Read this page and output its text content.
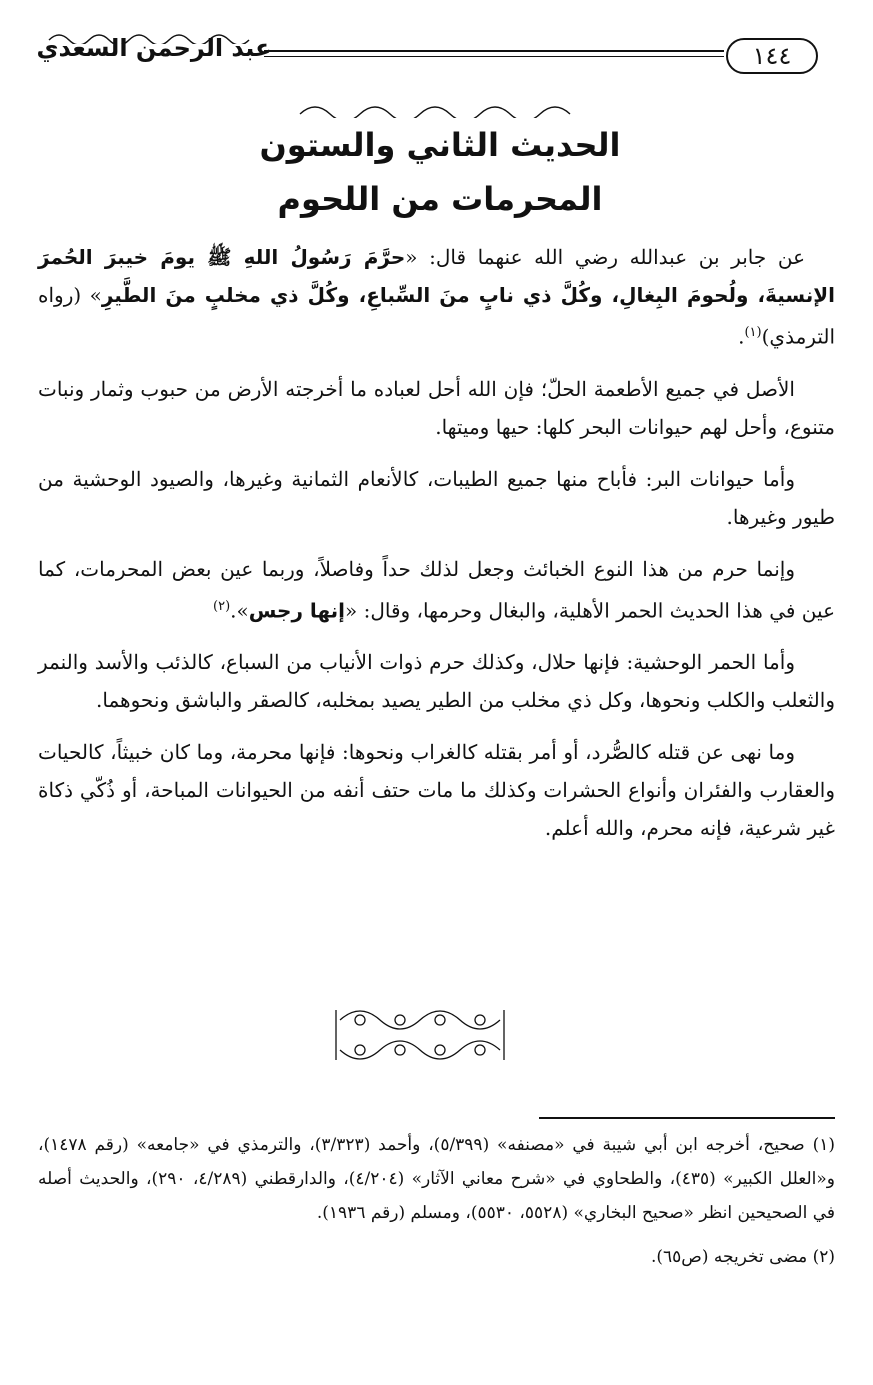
عبد الرحمن السعدي	١٤٤
الحديث الثاني والستون
المحرمات من اللحوم

عن جابر بن عبدالله رضي الله عنهما قال: «حرَّمَ رَسُولُ اللهِ ﷺ يومَ خيبرَ الحُمرَ الإنسيةَ، ولُحومَ البِغالِ، وكُلَّ ذي نابٍ منَ السِّباعِ، وكُلَّ ذي مخلبٍ منَ الطَّيرِ» (رواه الترمذي)$^{(١)}$.

الأصل في جميع الأطعمة الحلّ؛ فإن الله أحل لعباده ما أخرجته الأرض من حبوب وثمار ونبات متنوع، وأحل لهم حيوانات البحر كلها: حيها وميتها.

وأما حيوانات البر: فأباح منها جميع الطيبات، كالأنعام الثمانية وغيرها، والصيود الوحشية من طيور وغيرها.

وإنما حرم من هذا النوع الخبائث وجعل لذلك حداً وفاصلاً، وربما عين بعض المحرمات، كما عين في هذا الحديث الحمر الأهلية، والبغال وحرمها، وقال: «إنها رجس».$^{(٢)}$

وأما الحمر الوحشية: فإنها حلال، وكذلك حرم ذوات الأنياب من السباع، كالذئب والأسد والنمر والثعلب والكلب ونحوها، وكل ذي مخلب من الطير يصيد بمخلبه، كالصقر والباشق ونحوهما.

وما نهى عن قتله كالصُّرد، أو أمر بقتله كالغراب ونحوها: فإنها محرمة، وما كان خبيثاً، كالحيات والعقارب والفئران وأنواع الحشرات وكذلك ما مات حتف أنفه من الحيوانات المباحة، أو ذُكّي ذكاة غير شرعية، فإنه محرم، والله أعلم.

(١) صحيح، أخرجه ابن أبي شيبة في «مصنفه» (٥/٣٩٩)، وأحمد (٣/٣٢٣)، والترمذي في «جامعه» (رقم ١٤٧٨)، و«العلل الكبير» (٤٣٥)، والطحاوي في «شرح معاني الآثار» (٤/٢٠٤)، والدارقطني (٤/٢٨٩، ٢٩٠)، والحديث أصله في الصحيحين انظر «صحيح البخاري» (٥٥٢٨، ٥٥٣٠)، ومسلم (رقم ١٩٣٦).

(٢) مضى تخريجه (ص٦٥).
